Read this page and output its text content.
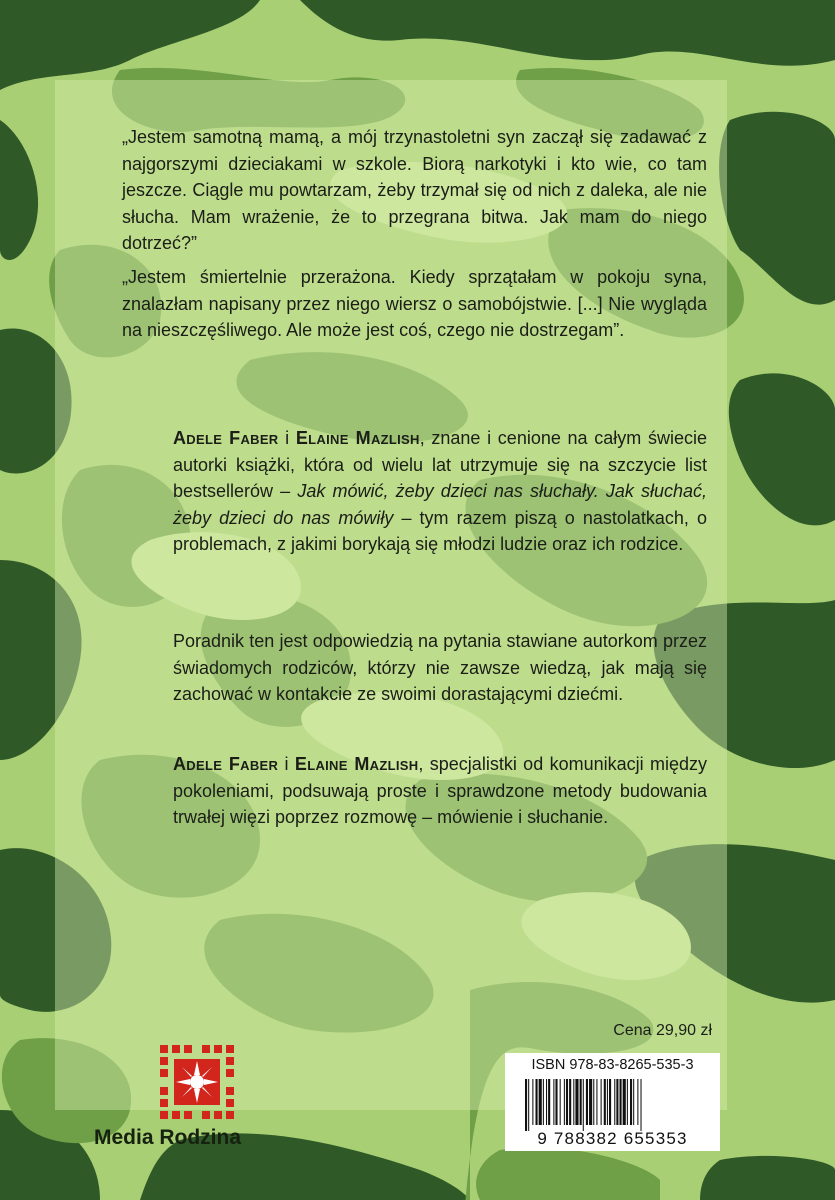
„Jestem samotną mamą, a mój trzynastoletni syn zaczął się zadawać z najgorszymi dzieciakami w szkole. Biorą narkotyki i kto wie, co tam jeszcze. Ciągle mu powtarzam, żeby trzymał się od nich z daleka, ale nie słucha. Mam wrażenie, że to przegrana bitwa. Jak mam do niego dotrzeć?”

„Jestem śmiertelnie przerażona. Kiedy sprzątałam w pokoju syna, znalazłam napisany przez niego wiersz o samobójstwie. [...] Nie wygląda na nieszczęśliwego. Ale może jest coś, czego nie dostrzegam”.

Adele Faber i Elaine Mazlish, znane i cenione na całym świecie autorki książki, która od wielu lat utrzymuje się na szczycie list bestsellerów – Jak mówić, żeby dzieci nas słuchały. Jak słuchać, żeby dzieci do nas mówiły – tym razem piszą o nastolatkach, o problemach, z jakimi borykają się młodzi ludzie oraz ich rodzice.

Poradnik ten jest odpowiedzią na pytania stawiane autorkom przez świadomych rodziców, którzy nie zawsze wiedzą, jak mają się zachować w kontakcie ze swoimi dorastającymi dziećmi.

Adele Faber i Elaine Mazlish, specjalistki od komunikacji między pokoleniami, podsuwają proste i sprawdzone metody budowania trwałej więzi poprzez rozmowę – mówienie i słuchanie.

Cena 29,90 zł
ISBN 978-83-8265-535-3
9 788382 655353
Media Rodzina
